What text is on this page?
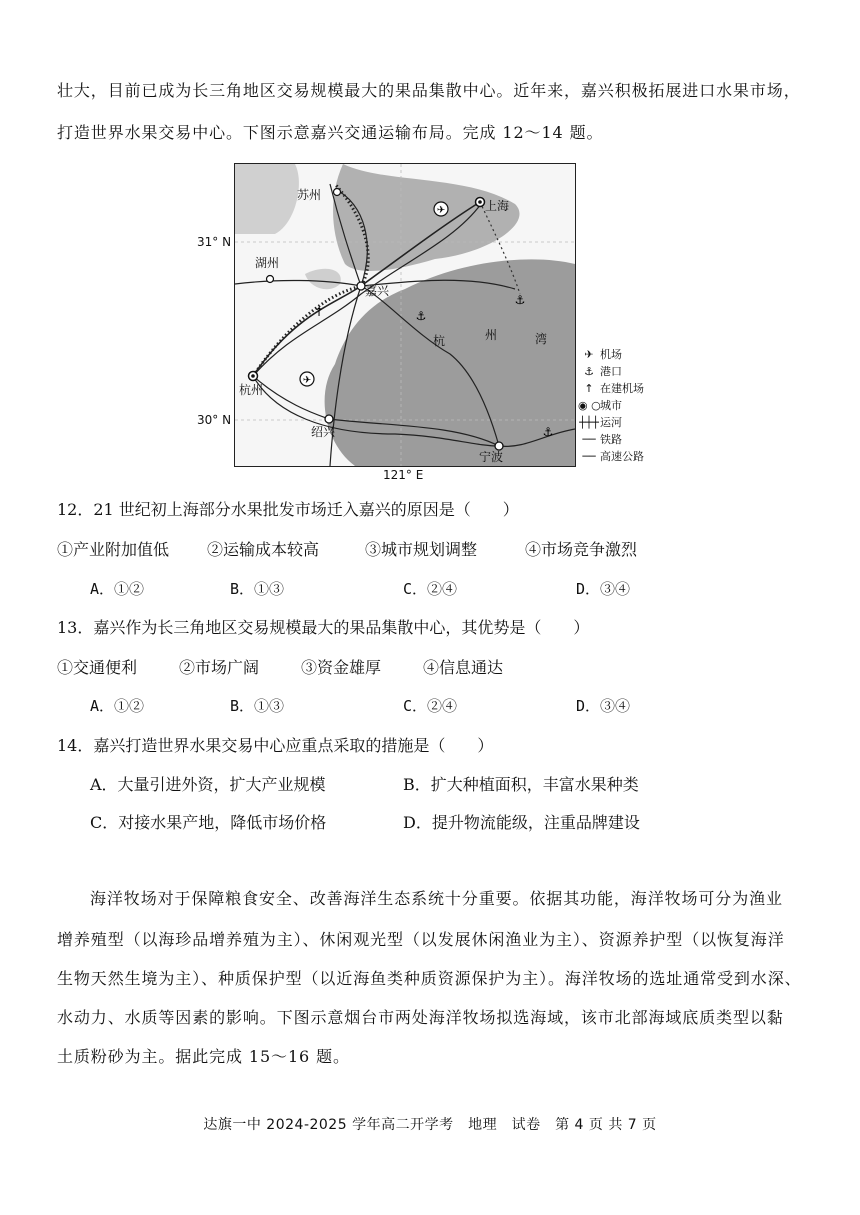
壮大，目前已成为长三角地区交易规模最大的果品集散中心。近年来，嘉兴积极拓展进口水果市场，
打造世界水果交易中心。下图示意嘉兴交通运输布局。完成 12～14 题。
31° N
30° N
121° E
✈
✈
↑	⚓
⚓
⚓
苏州
上海
湖州
嘉兴
杭州
绍兴
宁波
杭	州	湾
✈ 机场
⚓ 港口
↑ 在建机场
◉ ○城市
┼┼┼运河
── 铁路
── 高速公路
12．21 世纪初上海部分水果批发市场迁入嘉兴的原因是（　　）
①产业附加值低 ②运输成本较高	③城市规划调整	④市场竞争激烈
A．①②	B．①③	C．②④	D．③④
13．嘉兴作为长三角地区交易规模最大的果品集散中心，其优势是（　　）
①交通便利	②市场广阔	③资金雄厚	④信息通达
A．①②	B．①③	C．②④	D．③④
14．嘉兴打造世界水果交易中心应重点采取的措施是（　　）
A．大量引进外资，扩大产业规模	B．扩大种植面积，丰富水果种类
C．对接水果产地，降低市场价格	D．提升物流能级，注重品牌建设
海洋牧场对于保障粮食安全、改善海洋生态系统十分重要。依据其功能，海洋牧场可分为渔业
增养殖型（以海珍品增养殖为主）、休闲观光型（以发展休闲渔业为主）、资源养护型（以恢复海洋
生物天然生境为主）、种质保护型（以近海鱼类种质资源保护为主）。海洋牧场的选址通常受到水深、
水动力、水质等因素的影响。下图示意烟台市两处海洋牧场拟选海域，该市北部海域底质类型以黏
土质粉砂为主。据此完成 15～16 题。
达旗一中 2024-2025 学年高二开学考　地理　试卷　第 4 页 共 7 页
